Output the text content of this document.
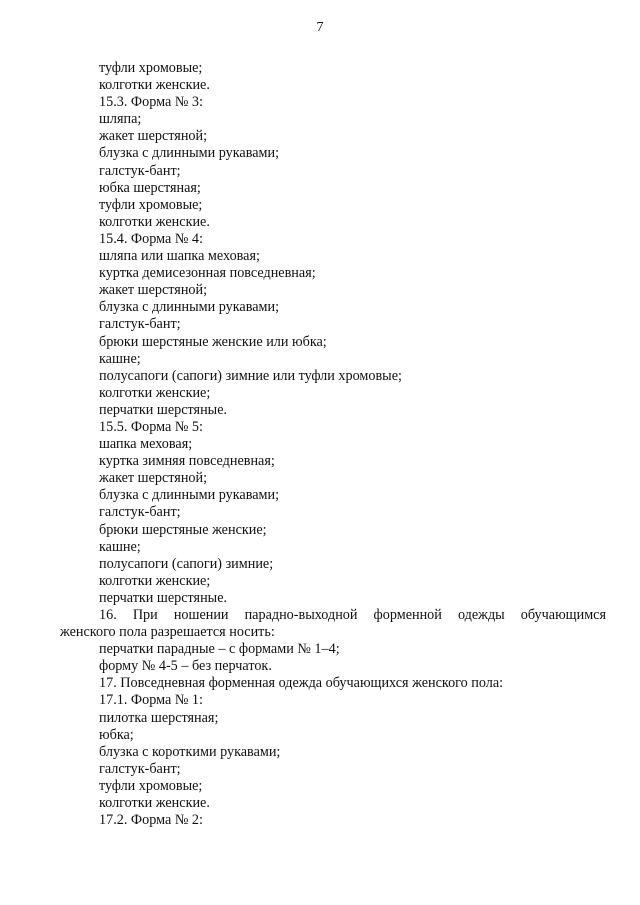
7
туфли хромовые;
колготки женские.
15.3. Форма № 3:
шляпа;
жакет шерстяной;
блузка с длинными рукавами;
галстук-бант;
юбка шерстяная;
туфли хромовые;
колготки женские.
15.4. Форма № 4:
шляпа или шапка меховая;
куртка демисезонная повседневная;
жакет шерстяной;
блузка с длинными рукавами;
галстук-бант;
брюки шерстяные женские или юбка;
кашне;
полусапоги (сапоги) зимние или туфли хромовые;
колготки женские;
перчатки шерстяные.
15.5. Форма № 5:
шапка меховая;
куртка зимняя повседневная;
жакет шерстяной;
блузка с длинными рукавами;
галстук-бант;
брюки шерстяные женские;
кашне;
полусапоги (сапоги) зимние;
колготки женские;
перчатки шерстяные.
16. При ношении парадно-выходной форменной одежды обучающимся
женского пола разрешается носить:
перчатки парадные – с формами № 1–4;
форму № 4-5 – без перчаток.
17. Повседневная форменная одежда обучающихся женского пола:
17.1. Форма № 1:
пилотка шерстяная;
юбка;
блузка с короткими рукавами;
галстук-бант;
туфли хромовые;
колготки женские.
17.2. Форма № 2:
